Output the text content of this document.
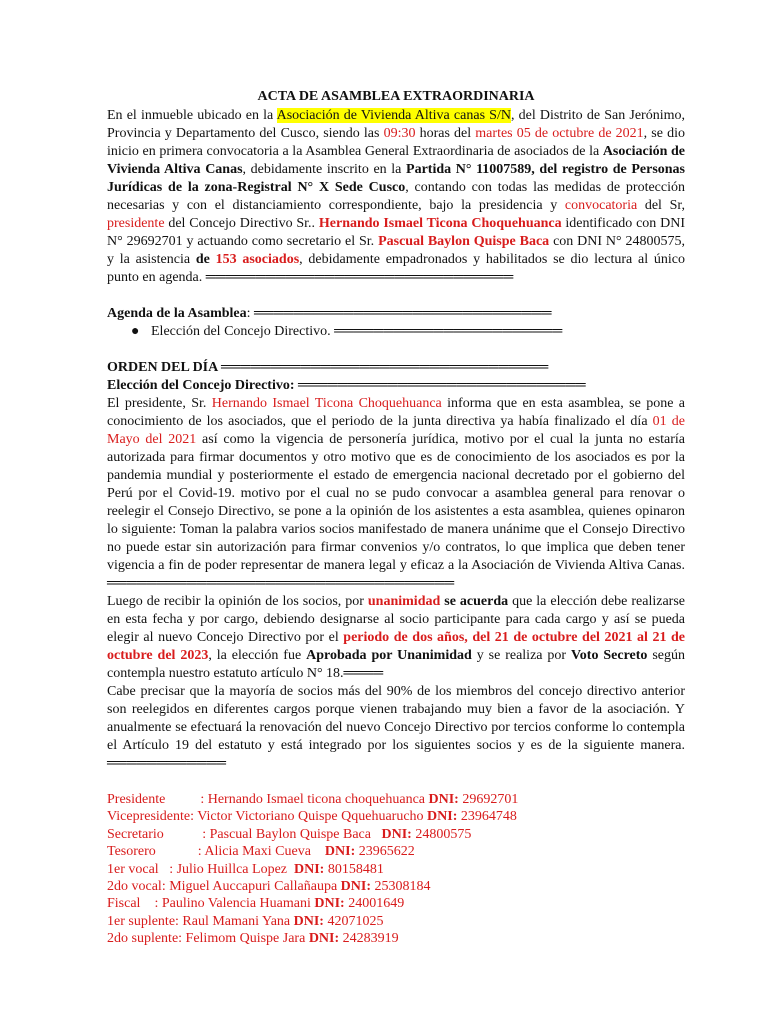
ACTA DE ASAMBLEA EXTRAORDINARIA

En el inmueble ubicado en la Asociación de Vivienda Altiva canas S/N, del Distrito de San Jerónimo, Provincia y Departamento del Cusco, siendo las 09:30 horas del martes 05 de octubre de 2021, se dio inicio en primera convocatoria a la Asamblea General Extraordinaria de asociados de la Asociación de Vivienda Altiva Canas, debidamente inscrito en la Partida N° 11007589, del registro de Personas Jurídicas de la zona-Registral N° X Sede Cusco, contando con todas las medidas de protección necesarias y con el distanciamiento correspondiente, bajo la presidencia y convocatoria del Sr, presidente del Concejo Directivo Sr.. Hernando Ismael Ticona Choquehuanca identificado con DNI N° 29692701 y actuando como secretario el Sr. Pascual Baylon Quispe Baca con DNI N° 24800575, y la asistencia de 153 asociados, debidamente empadronados y habilitados se dio lectura al único punto en agenda. ═══════════════════════════════

Agenda de la Asamblea: ══════════════════════════════

● Elección del Concejo Directivo. ═══════════════════════

ORDEN DEL DÍA ═════════════════════════════════

Elección del Concejo Directivo: ═════════════════════════════

El presidente, Sr. Hernando Ismael Ticona Choquehuanca informa que en esta asamblea, se pone a conocimiento de los asociados, que el periodo de la junta directiva ya había finalizado el día 01 de Mayo del 2021 así como la vigencia de personería jurídica, motivo por el cual la junta no estaría autorizada para firmar documentos y otro motivo que es de conocimiento de los asociados es por la pandemia mundial y posteriormente el estado de emergencia nacional decretado por el gobierno del Perú por el Covid-19. motivo por el cual no se pudo convocar a asamblea general para renovar o reelegir el Consejo Directivo, se pone a la opinión de los asistentes a esta asamblea, quienes opinaron lo siguiente: Toman la palabra varios socios manifestado de manera unánime que el Consejo Directivo no puede estar sin autorización para firmar convenios y/o contratos, lo que implica que deben tener vigencia a fin de poder representar de manera legal y eficaz a la Asociación de Vivienda Altiva Canas. ═══════════════════════════════════

Luego de recibir la opinión de los socios, por unanimidad se acuerda que la elección debe realizarse en esta fecha y por cargo, debiendo designarse al socio participante para cada cargo y así se pueda elegir al nuevo Concejo Directivo por el periodo de dos años, del 21 de octubre del 2021 al 21 de octubre del 2023, la elección fue Aprobada por Unanimidad y se realiza por Voto Secreto según contempla nuestro estatuto artículo N° 18.════

Cabe precisar que la mayoría de socios más del 90% de los miembros del concejo directivo anterior son reelegidos en diferentes cargos porque vienen trabajando muy bien a favor de la asociación. Y anualmente se efectuará la renovación del nuevo Concejo Directivo por tercios conforme lo contempla el Artículo 19 del estatuto y está integrado por los siguientes socios y es de la siguiente manera. ════════════

Presidente          : Hernando Ismael ticona choquehuanca DNI: 29692701
Vicepresidente: Victor Victoriano Quispe Qquehuarucho DNI: 23964748
Secretario           : Pascual Baylon Quispe Baca   DNI: 24800575
Tesorero            : Alicia Maxi Cueva    DNI: 23965622
1er vocal   : Julio Huillca Lopez  DNI: 80158481
2do vocal: Miguel Auccapuri Callañaupa DNI: 25308184
Fiscal    : Paulino Valencia Huamani DNI: 24001649
1er suplente: Raul Mamani Yana DNI: 42071025
2do suplente: Felimom Quispe Jara DNI: 24283919
